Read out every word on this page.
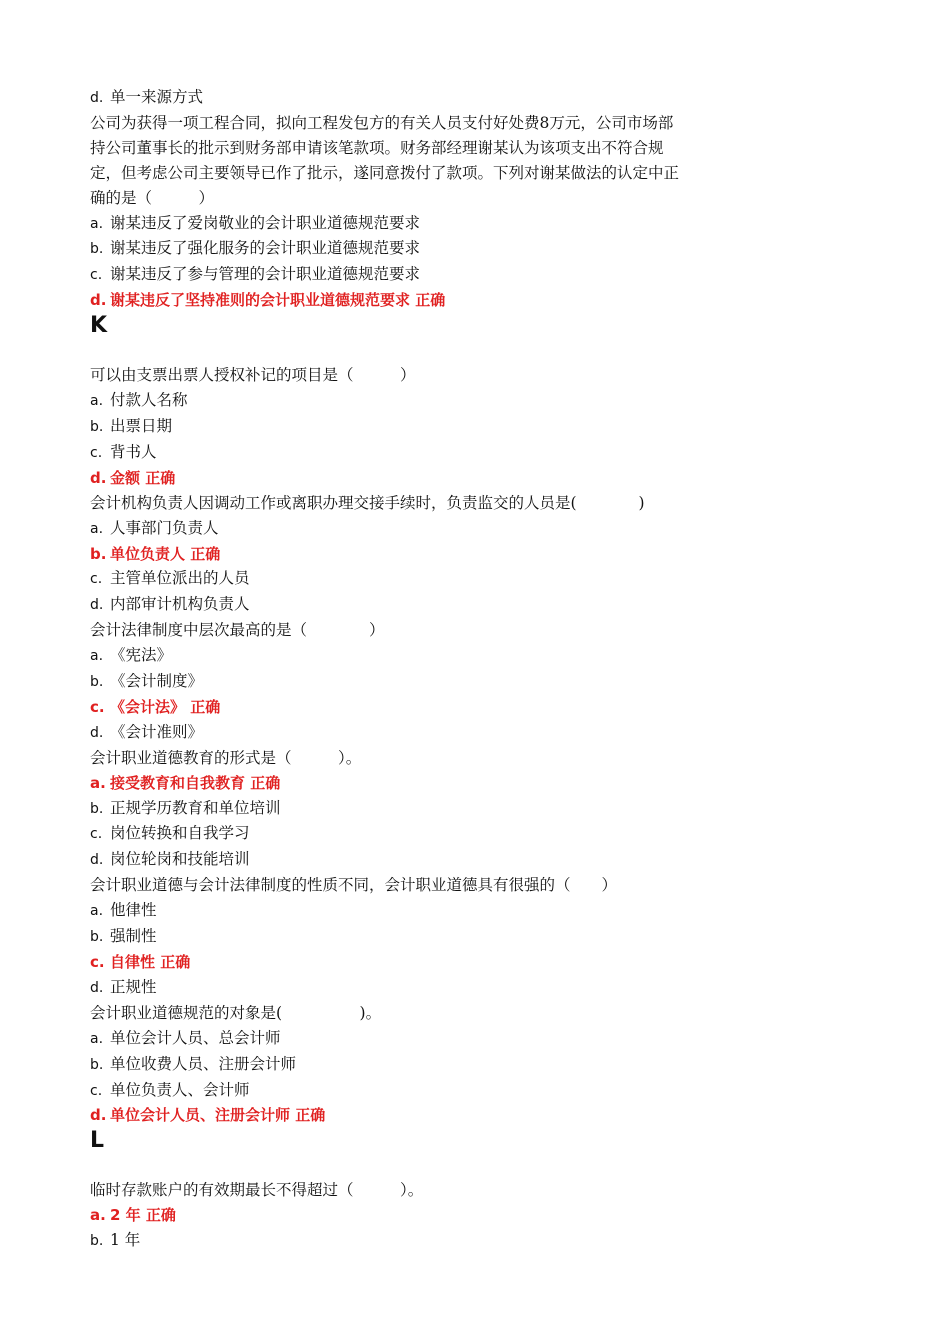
d. 单一来源方式
公司为获得一项工程合同，拟向工程发包方的有关人员支付好处费8万元，公司市场部持公司董事长的批示到财务部申请该笔款项。财务部经理谢某认为该项支出不符合规定，但考虑公司主要领导已作了批示，遂同意拨付了款项。下列对谢某做法的认定中正确的是（　　　）
a. 谢某违反了爱岗敬业的会计职业道德规范要求
b. 谢某违反了强化服务的会计职业道德规范要求
c. 谢某违反了参与管理的会计职业道德规范要求
d. 谢某违反了坚持准则的会计职业道德规范要求 正确
K
可以由支票出票人授权补记的项目是（　　　）
a. 付款人名称
b. 出票日期
c. 背书人
d. 金额 正确
会计机构负责人因调动工作或离职办理交接手续时，负责监交的人员是(　　　　)
a. 人事部门负责人
b. 单位负责人 正确
c. 主管单位派出的人员
d. 内部审计机构负责人
会计法律制度中层次最高的是（　　　　）
a. 《宪法》
b. 《会计制度》
c. 《会计法》 正确
d. 《会计准则》
会计职业道德教育的形式是（　　　）。
a. 接受教育和自我教育 正确
b. 正规学历教育和单位培训
c. 岗位转换和自我学习
d. 岗位轮岗和技能培训
会计职业道德与会计法律制度的性质不同，会计职业道德具有很强的（　　）
a. 他律性
b. 强制性
c. 自律性 正确
d. 正规性
会计职业道德规范的对象是(　　　　　)。
a. 单位会计人员、总会计师
b. 单位收费人员、注册会计师
c. 单位负责人、会计师
d. 单位会计人员、注册会计师 正确
L
临时存款账户的有效期最长不得超过（　　　）。
a. 2 年 正确
b. 1 年
